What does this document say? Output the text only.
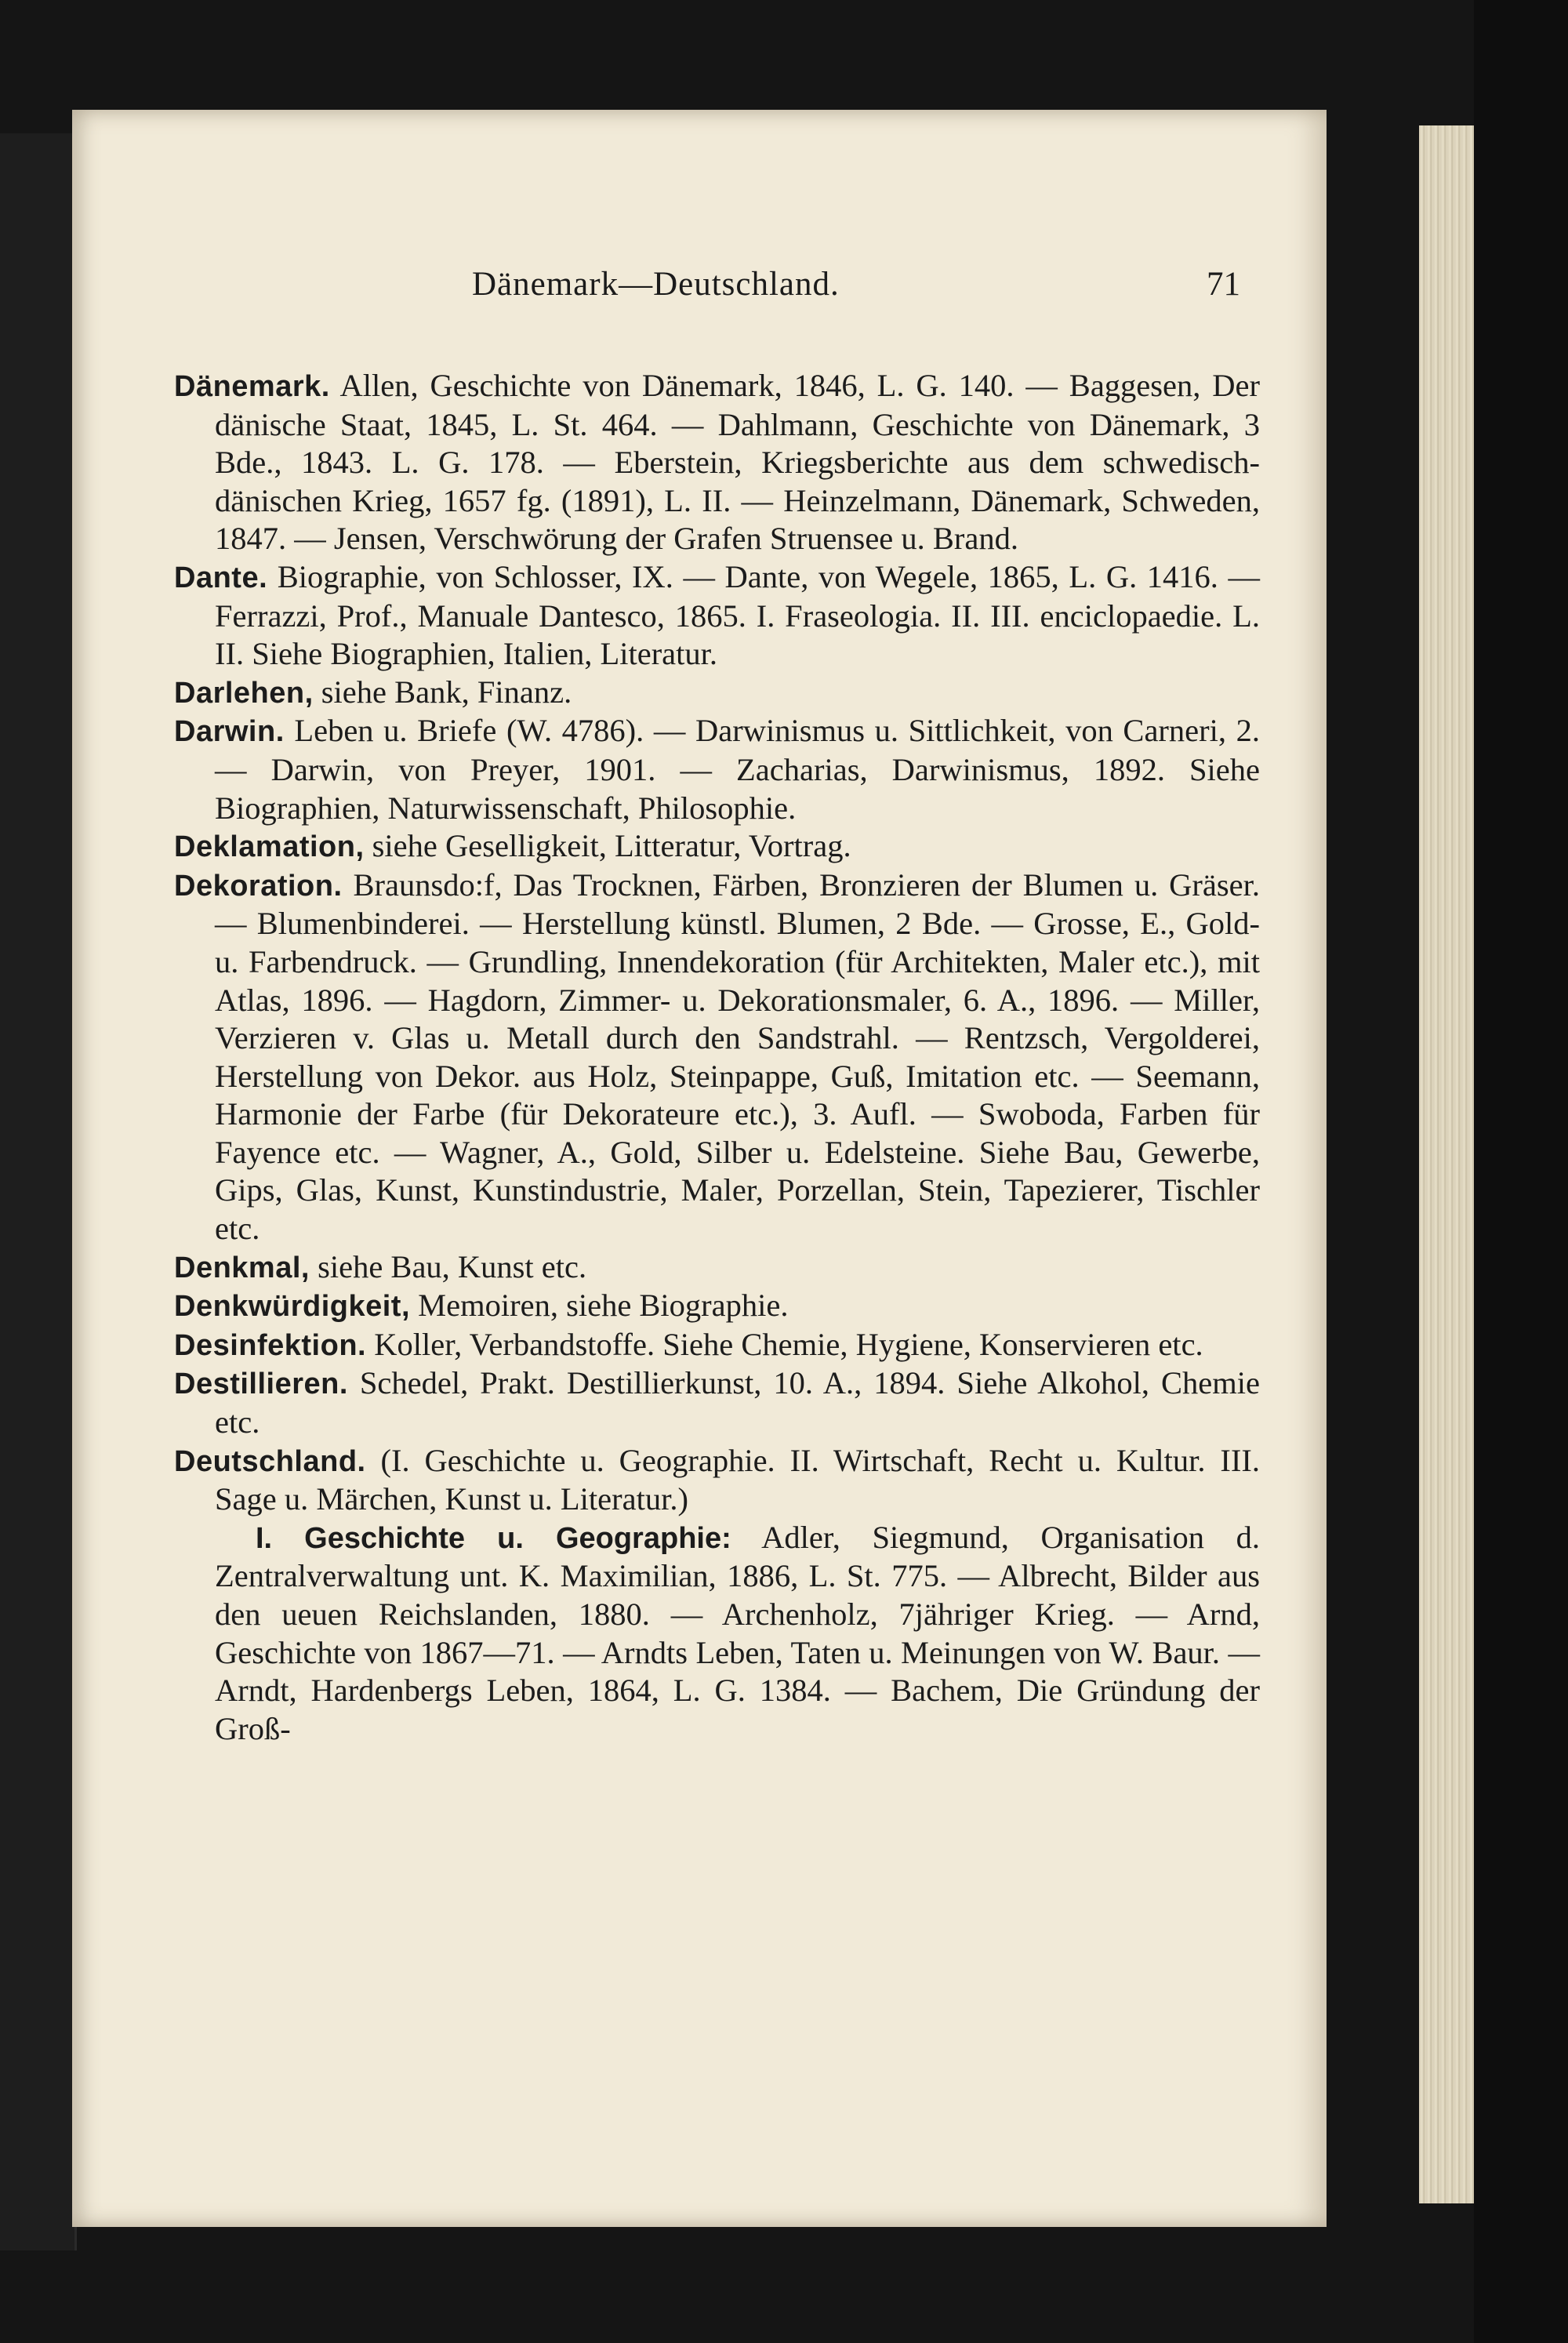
Dänemark—Deutschland.	71

Dänemark. Allen, Geschichte von Dänemark, 1846, L. G. 140. — Baggesen, Der dänische Staat, 1845, L. St. 464. — Dahlmann, Geschichte von Dänemark, 3 Bde., 1843. L. G. 178. — Eberstein, Kriegsberichte aus dem schwedisch-dänischen Krieg, 1657 fg. (1891), L. II. — Heinzelmann, Dänemark, Schweden, 1847. — Jensen, Verschwörung der Grafen Struensee u. Brand.

Dante. Biographie, von Schlosser, IX. — Dante, von Wegele, 1865, L. G. 1416. — Ferrazzi, Prof., Manuale Dantesco, 1865. I. Fraseologia. II. III. enciclopaedie. L. II. Siehe Biographien, Italien, Literatur.

Darlehen, siehe Bank, Finanz.

Darwin. Leben u. Briefe (W. 4786). — Darwinismus u. Sittlichkeit, von Carneri, 2. — Darwin, von Preyer, 1901. — Zacharias, Darwinismus, 1892. Siehe Biographien, Naturwissenschaft, Philosophie.

Deklamation, siehe Geselligkeit, Litteratur, Vortrag.

Dekoration. Braunsdo:f, Das Trocknen, Färben, Bronzieren der Blumen u. Gräser. — Blumenbinderei. — Herstellung künstl. Blumen, 2 Bde. — Grosse, E., Gold- u. Farbendruck. — Grundling, Innendekoration (für Architekten, Maler etc.), mit Atlas, 1896. — Hagdorn, Zimmer- u. Dekorationsmaler, 6. A., 1896. — Miller, Verzieren v. Glas u. Metall durch den Sandstrahl. — Rentzsch, Vergolderei, Herstellung von Dekor. aus Holz, Steinpappe, Guß, Imitation etc. — Seemann, Harmonie der Farbe (für Dekorateure etc.), 3. Aufl. — Swoboda, Farben für Fayence etc. — Wagner, A., Gold, Silber u. Edelsteine. Siehe Bau, Gewerbe, Gips, Glas, Kunst, Kunstindustrie, Maler, Porzellan, Stein, Tapezierer, Tischler etc.

Denkmal, siehe Bau, Kunst etc.

Denkwürdigkeit, Memoiren, siehe Biographie.

Desinfektion. Koller, Verbandstoffe. Siehe Chemie, Hygiene, Konservieren etc.

Destillieren. Schedel, Prakt. Destillierkunst, 10. A., 1894. Siehe Alkohol, Chemie etc.

Deutschland. (I. Geschichte u. Geographie. II. Wirtschaft, Recht u. Kultur. III. Sage u. Märchen, Kunst u. Literatur.)

I. Geschichte u. Geographie: Adler, Siegmund, Organisation d. Zentralverwaltung unt. K. Maximilian, 1886, L. St. 775. — Albrecht, Bilder aus den ueuen Reichslanden, 1880. — Archenholz, 7jähriger Krieg. — Arnd, Geschichte von 1867—71. — Arndts Leben, Taten u. Meinungen von W. Baur. — Arndt, Hardenbergs Leben, 1864, L. G. 1384. — Bachem, Die Gründung der Groß-
